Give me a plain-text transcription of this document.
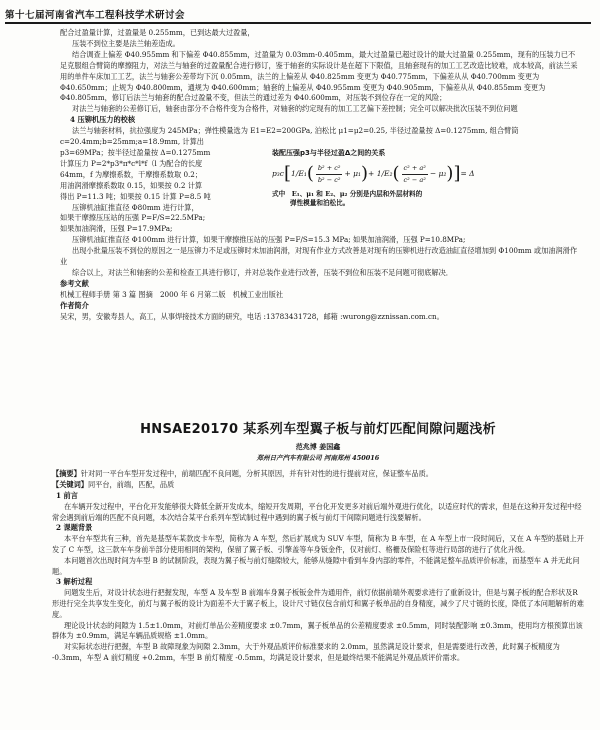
第十七届河南省汽车工程科技学术研讨会

配合过盈量计算，过盈量是 0.255mm，已到达最大过盈量，

压装不到位主要是法兰轴差造成。

结合调查上偏差 Φ40.955mm 和下偏差 Φ40.855mm，过盈量为 0.03mm-0.405mm，最大过盈量已超过设计的最大过盈量 0.255mm，现有的压装力已不足克服组合臂筒的摩擦阻力，对法兰与轴套的过盈量配合进行修订，鉴于轴套的实际设计是在超下下限值，且轴套现有的加工工艺改造比较难，成本较高，前法兰采用的单件车床加工工艺，法兰与轴套公差带均下沉 0.05mm，法兰的上偏差从 Φ40.825mm 变更为 Φ40.775mm，下偏差从从 Φ40.700mm 变更为 Φ40.650mm；止规为 Φ40.800mm，通规为 Φ40.600mm；轴套的上偏差从 Φ40.955mm 变更为 Φ40.905mm，下偏差从从 Φ40.855mm 变更为 Φ40.805mm，修订后法兰与轴套的配合过盈量不变，但法兰的通过差为 Φ40.600mm，对压装不到位存在一定的风险；

对法兰与轴套的公差修订后，轴套由部分不合格件变为合格件，对轴套的约定现有的加工工艺偏下差控制；完全可以解决批次压装不到位问题

4 压铆机压力的校核

法兰与轴套材料，抗拉强度为 245MPa；弹性模量选为 E1=E2=200GPa, 泊松比 μ1=μ2=0.25, 半径过盈量按 Δ=0.1275mm, 组合臂筒 c=20.4mm;b=25mm;a=18.9mm, 计算出

p3=69MPa；按半径过盈量按 Δ=0.1275mm

计算压力 P=2*p3*π*c*l*f（l 为配合的长度

64mm，f 为摩擦系数，干摩擦系数取 0.2；

用油润滑摩擦系数取 0.15，如果按 0.2 计算

得出 P=11.3 吨；如果按 0.15 计算 P=8.5 吨

压铆机油缸推直径 Φ80mm 进行计算，

如果干摩擦压压站的压强 P=F/S=22.5MPa;

如果加油润滑，压强 P=17.9MPa;

装配压强p3与半径过盈Δ之间的关系
p₃c [ 1/E₁ ( $\frac{\text{b² + c²}}{\text{b² − c²}} + \mu_1$ ) + 1/E₂ ( $\frac{\text{c² + a²}}{\text{c² − a²}} - \mu_2$ ) ] = Δ
式中　E₁、μ₁ 和 E₂、μ₂ 分别是内层和外层材料的
弹性模量和泊松比。

压铆机油缸推直径 Φ100mm 进行计算，如果干摩擦推压站的压强 P=F/S=15.3 MPa; 如果加油润滑，压强 P=10.8MPa;

出现小批量压装不到位的原因之一是压铆力不足或压铆时未加油润滑，对现有作业方式改善是对现有的压铆机进行改造油缸直径增加到 Φ100mm 或加油润滑作业

综合以上，对法兰和轴套的公差和检查工具进行修订，并对总装作业进行改善，压装不到位和压装不足问题可彻底解决．

参考文献

机械工程师手册 第 3 篇 图摘　2000 年 6 月第二版　机械工业出版社

作者简介

吴宋，男，安徽寿县人，高工，从事焊接技术方面的研究，电话 :13783431728，邮箱 :wurong@zznissan.com.cn。

HNSAE20170 某系列车型翼子板与前灯匹配间隙问题浅析
范兆博 姜国鑫
郑州日产汽车有限公司 河南郑州 450016

【摘要】针对同一平台车型开发过程中，前端匹配不良问题，分析其原因，并有针对性的进行提前对应，保证整车品质。

【关键词】同平台，前端，匹配，品质

1 前言

在车辆开发过程中，平台化开发能够很大降低全新开发成本，缩短开发周期，平台化开发更多对前后端外观进行优化，以适应时代的需求，但是在这种开发过程中经常会遇到前后端的匹配不良问题，本次结合某平台系列车型试制过程中遇到的翼子板与前灯干间隙问题进行浅要解析。

2 课题背景

本平台车型共有三种，首先是基型车某款皮卡车型，简称为 A 车型，然后扩展成为 SUV 车型，简称为 B 车型，在 A 车型上市一段时间后，又在 A 车型的基础上开发了 C 车型，这三款车车身前半部分使用相同的架构，保留了翼子板、引擎盖等车身钣金件，仅对前灯、格栅及保险杠等进行局部的进行了优化升级。

本问题首次出现时间为车型 B 的试制阶段，表现为翼子板与前灯缝隙较大，能够从缝隙中看到车身内部的零件，不能满足整车品质评价标准，而基型车 A 并无此问题。

3 解析过程

问题发生后，对设计状态进行把握发现，车型 A 及车型 B 前端车身翼子板钣金件为通用件，前灯依据前端外观要求进行了重新设计，但是与翼子板的配合形状及R形进行完全共享发生变化，前灯与翼子板的设计为面差不大于翼子板上，设计尺寸链仅包含前灯和翼子板单品的自身精度，减少了尺寸链的长度，降低了本问题解析的难度。

理论设计状态的间隙为 1.5±1.0mm，对前灯单品公差精度要求 ±0.7mm，翼子板单品的公差精度要求 ±0.5mm，同时装配影响 ±0.3mm，使用均方根预算出该群体为 ±0.9mm，满足车辆品质规格 ±1.0mm。

对实际状态进行把握，车型 B 故障现象为间隙 2.3mm，大于外观品质评价标准要求的 2.0mm，虽然满足设计要求，但是需要进行改善，此时翼子板精度为 -0.3mm，车型 A 前灯精度 +0.2mm，车型 B 前灯精度 -0.5mm，均满足设计要求，但是最终结果不能满足外观品质评价需求。
